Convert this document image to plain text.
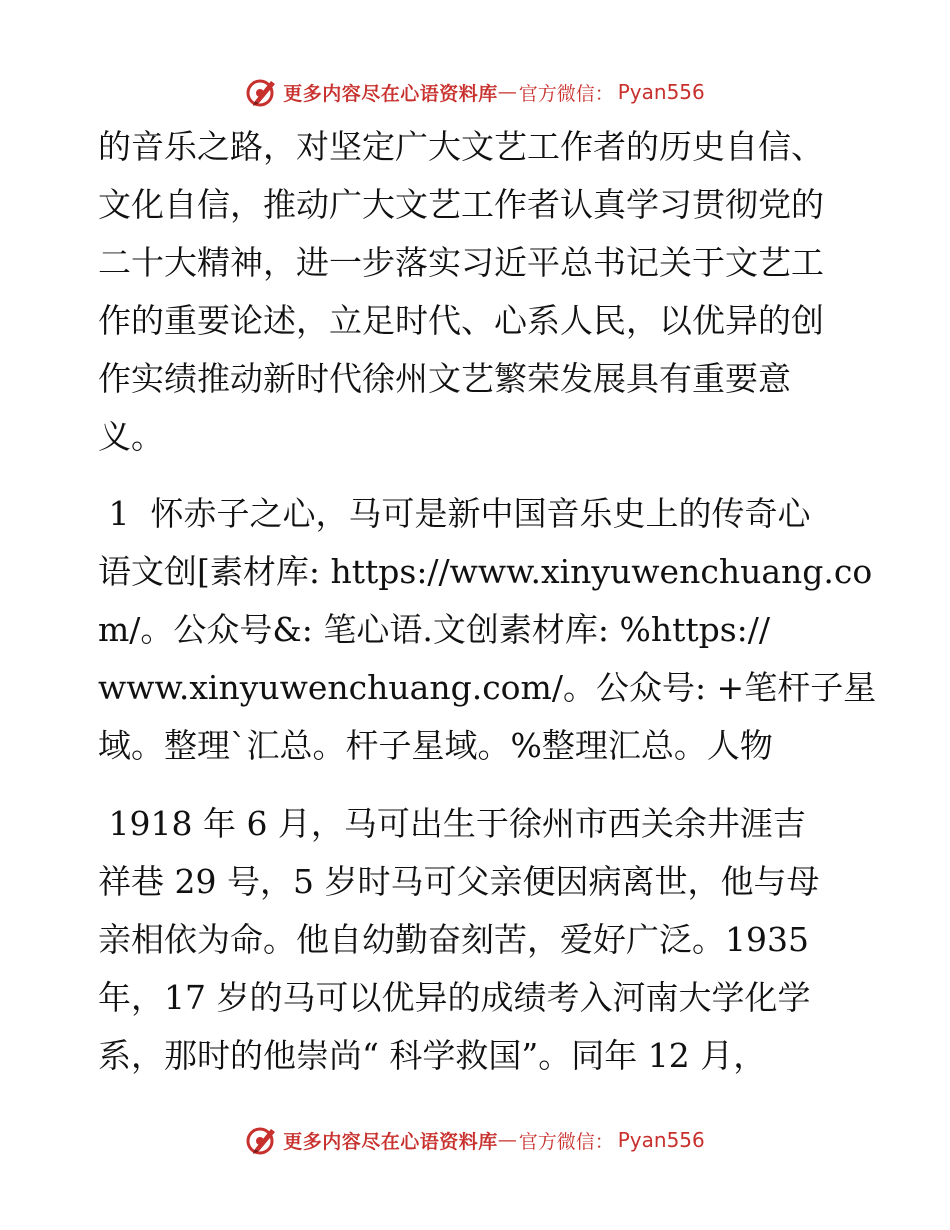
更多内容尽在心语资料库 — 官方微信： Pyan556
的音乐之路，对坚定广大文艺工作者的历史自信、
文化自信，推动广大文艺工作者认真学习贯彻党的
二十大精神，进一步落实习近平总书记关于文艺工
作的重要论述，立足时代、心系人民，以优异的创
作实绩推动新时代徐州文艺繁荣发展具有重要意
义。
1  怀赤子之心，马可是新中国音乐史上的传奇心
语文创[素材库: https://www.xinyuwenchuang.co
m/。公众号&: 笔心语.文创素材库: %https://
www.xinyuwenchuang.com/。公众号: +笔杆子星
域。整理`汇总。杆子星域。%整理汇总。人物
1918 年 6 月，马可出生于徐州市西关余井涯吉
祥巷 29 号，5 岁时马可父亲便因病离世，他与母
亲相依为命。他自幼勤奋刻苦，爱好广泛。1935
年，17 岁的马可以优异的成绩考入河南大学化学
系，那时的他崇尚“ 科学救国”。同年 12 月，
更多内容尽在心语资料库 — 官方微信： Pyan556
